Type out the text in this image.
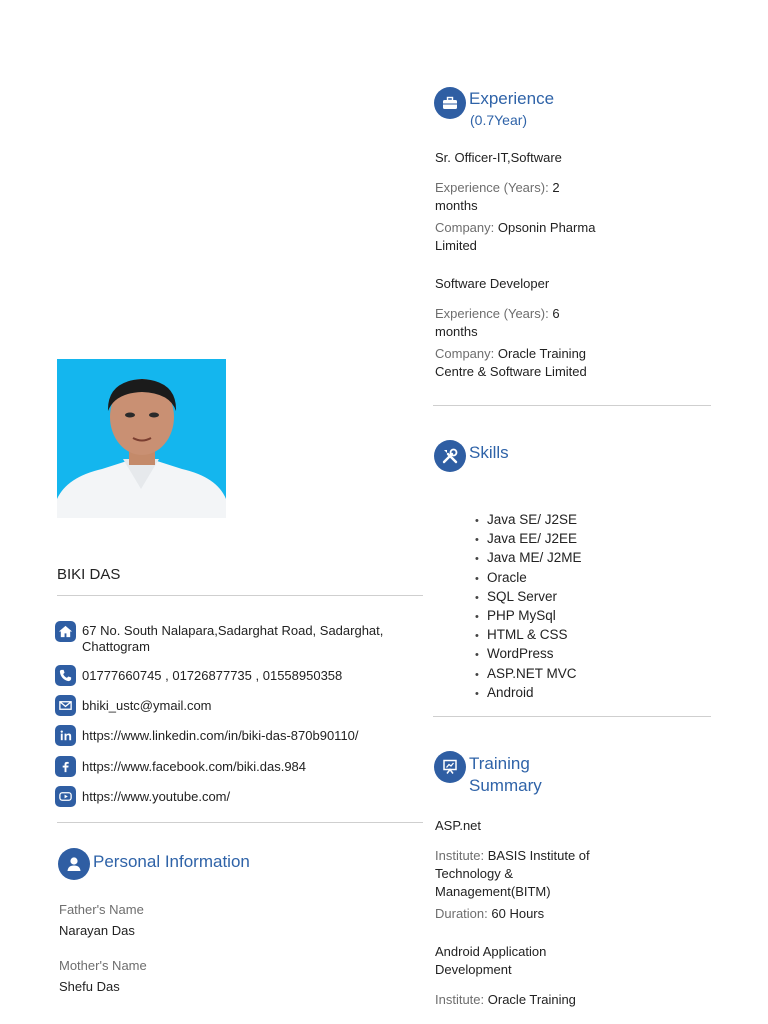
BIKI DAS
67 No. South Nalapara,Sadarghat Road, Sadarghat, Chattogram
01777660745 , 01726877735 , 01558950358
bhiki_ustc@ymail.com
https://www.linkedin.com/in/biki-das-870b90110/
https://www.facebook.com/biki.das.984
https://www.youtube.com/
Personal Information
Father's Name
Narayan Das
Mother's Name
Shefu Das
Experience
(0.7Year)
Sr. Officer-IT,Software
Experience (Years): 2 months
Company: Opsonin Pharma Limited
Software Developer
Experience (Years): 6 months
Company: Oracle Training Centre & Software Limited
Skills
• Java SE/ J2SE
• Java EE/ J2EE
• Java ME/ J2ME
• Oracle
• SQL Server
• PHP MySql
• HTML & CSS
• WordPress
• ASP.NET MVC
• Android
Training
Summary
ASP.net
Institute: BASIS Institute of Technology & Management(BITM)
Duration: 60 Hours
Android Application Development
Institute: Oracle Training
